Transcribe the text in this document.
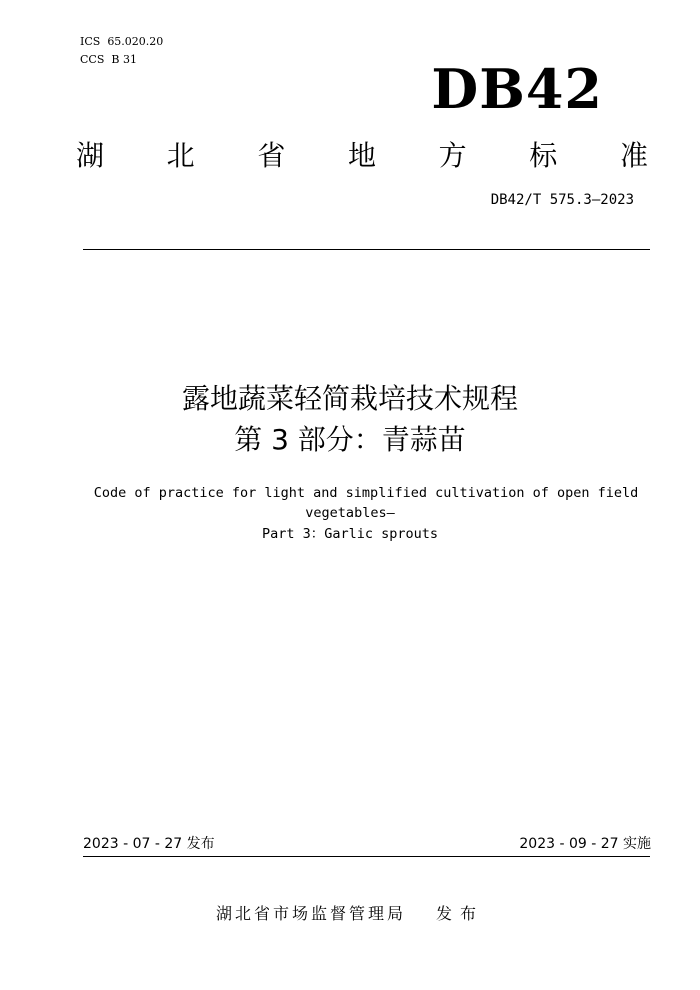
ICS 65.020.20
CCS B 31	DB42
湖 北 省 地 方 标 准
DB42/T 575.3—2023
露地蔬菜轻简栽培技术规程
第 3 部分：青蒜苗
Code of practice for light and simplified cultivation of open field
vegetables—
Part 3：Garlic sprouts
2023 - 07 - 27 发布	2023 - 09 - 27 实施
湖北省市场监督管理局 发布
